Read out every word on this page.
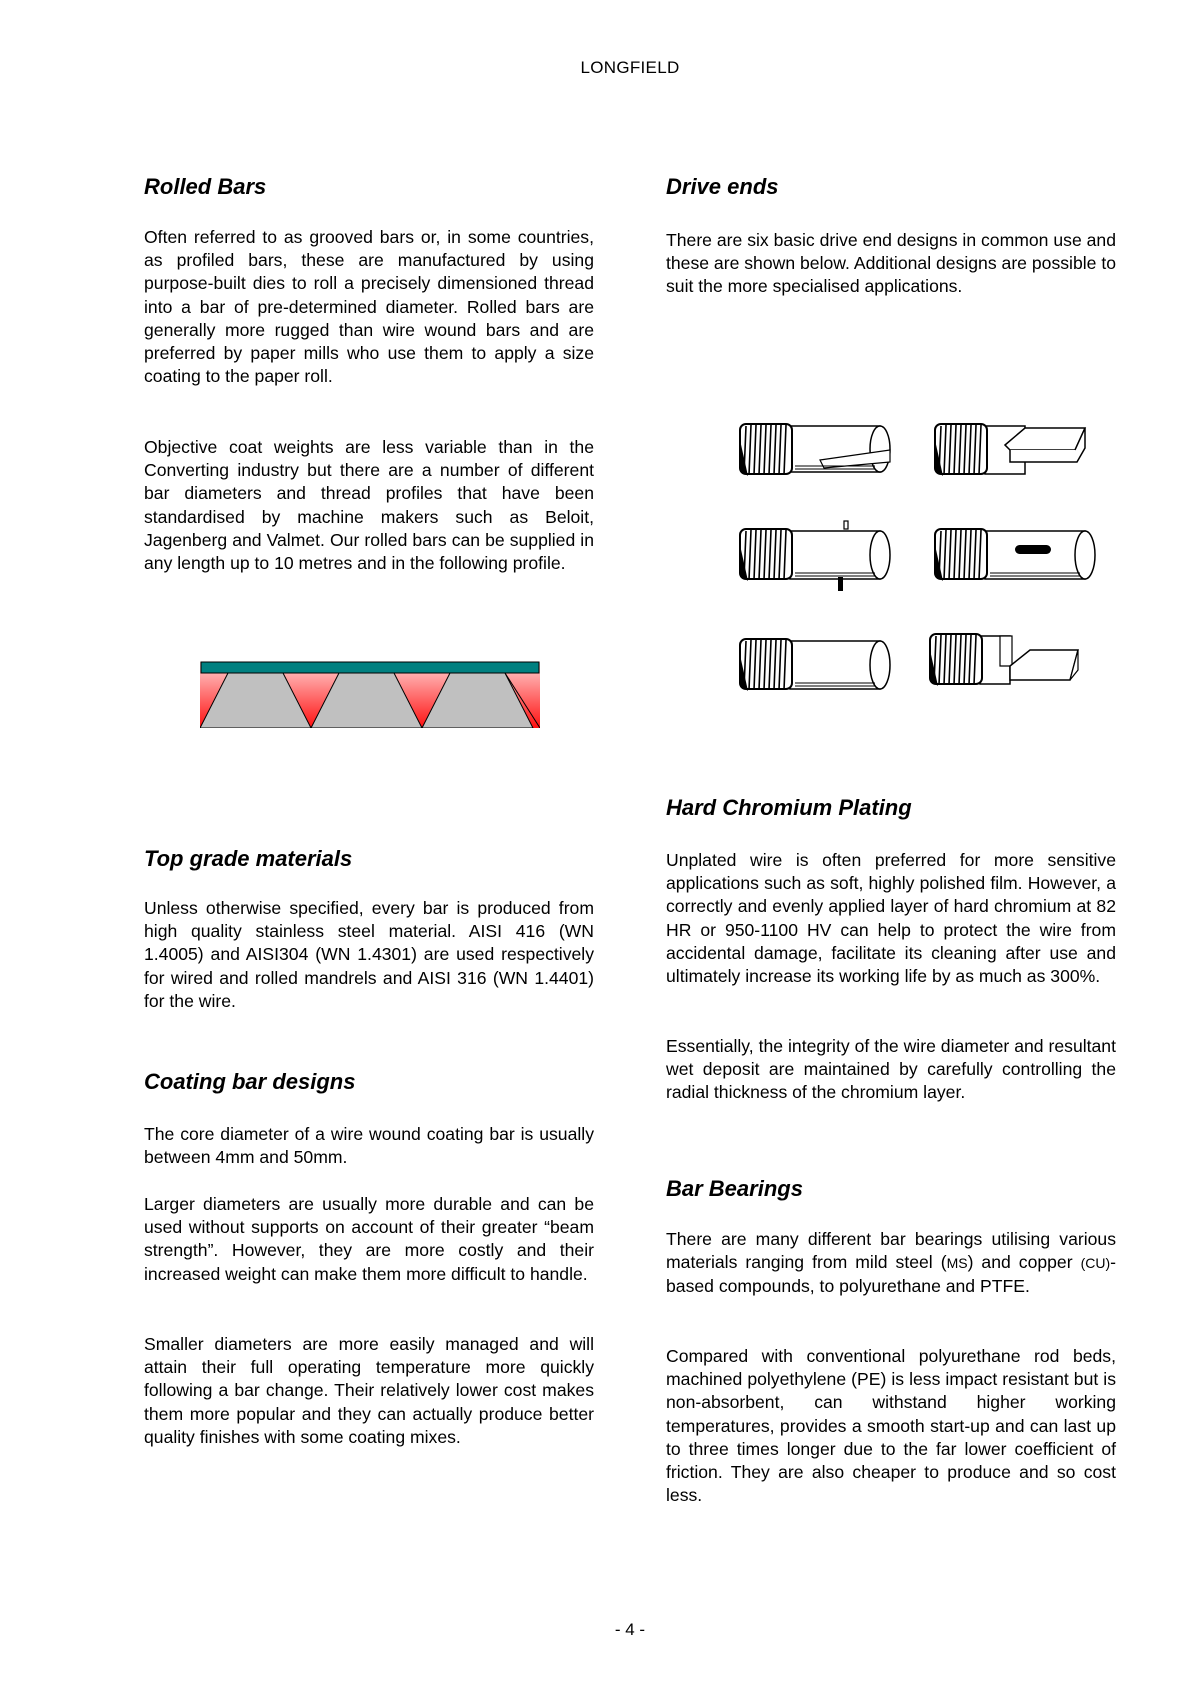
LONGFIELD
Rolled Bars

Often referred to as grooved bars or, in some countries, as profiled bars, these are manufactured by using purpose-built dies to roll a precisely dimensioned thread into a bar of pre-determined diameter. Rolled bars are generally more rugged than wire wound bars and are preferred by paper mills who use them to apply a size coating to the paper roll.

Objective coat weights are less variable than in the Converting industry but there are a number of different bar diameters and thread profiles that have been standardised by machine makers such as Beloit, Jagenberg and Valmet. Our rolled bars can be supplied in any length up to 10 metres and in the following profile.

Top grade materials

Unless otherwise specified, every bar is produced from high quality stainless steel material. AISI 416 (WN 1.4005) and AISI304 (WN 1.4301) are used respectively for wired and rolled mandrels and AISI 316 (WN 1.4401) for the wire.

Coating bar designs

The core diameter of a wire wound coating bar is usually between 4mm and 50mm.

Larger diameters are usually more durable and can be used without supports on account of their greater “beam strength”. However, they are more costly and their increased weight can make them more difficult to handle.

Smaller diameters are more easily managed and will attain their full operating temperature more quickly following a bar change. Their relatively lower cost makes them more popular and they can actually produce better quality finishes with some coating mixes.

Drive ends

There are six basic drive end designs in common use and these are shown below. Additional designs are possible to suit the more specialised applications.

Hard Chromium Plating

Unplated wire is often preferred for more sensitive applications such as soft, highly polished film. However, a correctly and evenly applied layer of hard chromium at 82 HR or 950-1100 HV can help to protect the wire from accidental damage, facilitate its cleaning after use and ultimately increase its working life by as much as 300%.

Essentially, the integrity of the wire diameter and resultant wet deposit are maintained by carefully controlling the radial thickness of the chromium layer.

Bar Bearings

There are many different bar bearings utilising various materials ranging from mild steel (MS) and copper (CU)-based compounds, to polyurethane and PTFE.

Compared with conventional polyurethane rod beds, machined polyethylene (PE) is less impact resistant but is non-absorbent, can withstand higher working temperatures, provides a smooth start-up and can last up to three times longer due to the far lower coefficient of friction. They are also cheaper to produce and so cost less.

- 4 -
